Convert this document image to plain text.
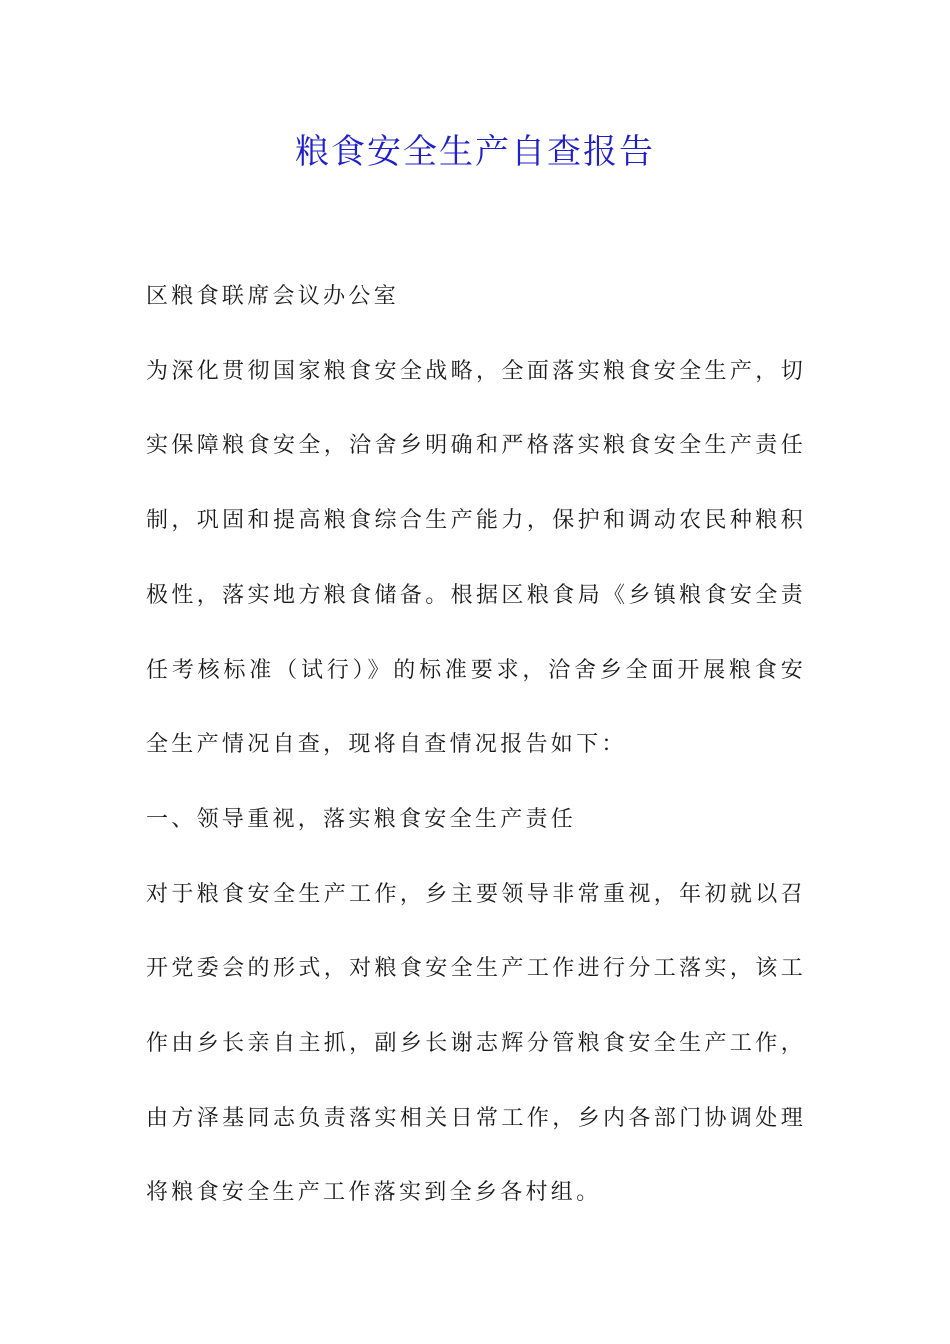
粮食安全生产自查报告

区粮食联席会议办公室

为深化贯彻国家粮食安全战略，全面落实粮食安全生产，切实保障粮食安全，洽舍乡明确和严格落实粮食安全生产责任制，巩固和提高粮食综合生产能力，保护和调动农民种粮积极性，落实地方粮食储备。根据区粮食局《乡镇粮食安全责任考核标准（试行）》的标准要求，洽舍乡全面开展粮食安全生产情况自查，现将自查情况报告如下：

一、领导重视，落实粮食安全生产责任

对于粮食安全生产工作，乡主要领导非常重视，年初就以召开党委会的形式，对粮食安全生产工作进行分工落实，该工作由乡长亲自主抓，副乡长谢志辉分管粮食安全生产工作，由方泽基同志负责落实相关日常工作，乡内各部门协调处理将粮食安全生产工作落实到全乡各村组。
